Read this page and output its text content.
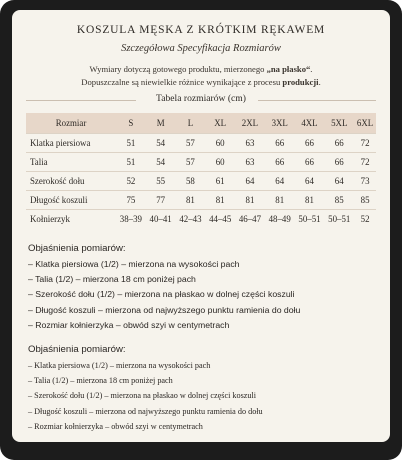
KOSZULA MĘSKA Z KRÓTKIM RĘKAWEM
Szczegółowa Specyfikacja Rozmiarów
Wymiary dotyczą gotowego produktu, mierzonego „na płasko“.
Dopuszczalne są niewielkie różnice wynikające z procesu produkcji.
Tabela rozmiarów (cm)
Rozmiar	S	M	L	XL	2XL	3XL	4XL	5XL	6XL
Klatka piersiowa	51	54	57	60	63	66	66	66	72
Talia	51	54	57	60	63	66	66	66	72
Szerokość dołu	52	55	58	61	64	64	64	64	73
Długość koszuli	75	77	81	81	81	81	81	85	85
Kołnierzyk	38–39	40–41	42–43	44–45	46–47	48–49	50–51	50–51	52
Objaśnienia pomiarów:
– Klatka piersiowa (1/2) – mierzona na wysokości pach
– Talia (1/2) – mierzona 18 cm poniżej pach
– Szerokość dołu (1/2) – mierzona na płaskao w dolnej części koszuli
– Długość koszuli – mierzona od najwyższego punktu ramienia do dołu
– Rozmiar kołnierzyka – obwód szyi w centymetrach
Objaśnienia pomiarów:
– Klatka piersiowa (1/2) – mierzona na wysokości pach
– Talia (1/2) – mierzona 18 cm poniżej pach
– Szerokość dołu (1/2) – mierzona na płaskao w dolnej części koszuli
– Długość koszuli – mierzona od najwyższego punktu ramienia do dołu
– Rozmiar kołnierzyka – obwód szyi w centymetrach
